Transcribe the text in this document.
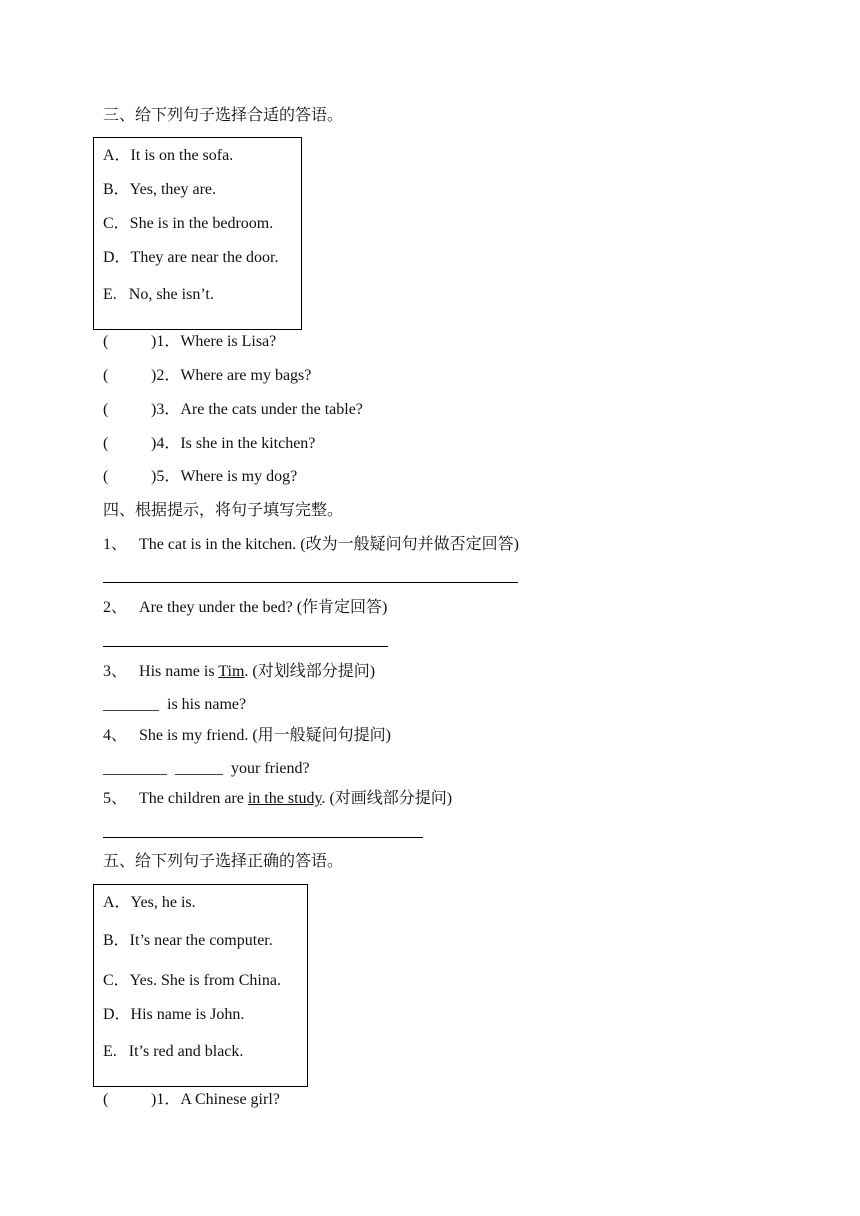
三、给下列句子选择合适的答语。
A．It is on the sofa.
B．Yes, they are.
C．She is in the bedroom.
D．They are near the door.
E.   No, she isn’t.
(	)1．Where is Lisa?
(	)2．Where are my bags?
(	)3．Are the cats under the table?
(	)4．Is she in the kitchen?
(	)5．Where is my dog?
四、根据提示，将句子填写完整。
1、 The cat is in the kitchen. (改为一般疑问句并做否定回答)
2、 Are they under the bed? (作肯定回答)
3、 His name is Tim. (对划线部分提问)
_______  is his name?
4、 She is my friend. (用一般疑问句提问)
________  ______  your friend?
5、 The children are in the study. (对画线部分提问)
五、给下列句子选择正确的答语。
A．Yes, he is.
B．It’s near the computer.
C．Yes. She is from China.
D．His name is John.
E.   It’s red and black.
(	)1．A Chinese girl?
